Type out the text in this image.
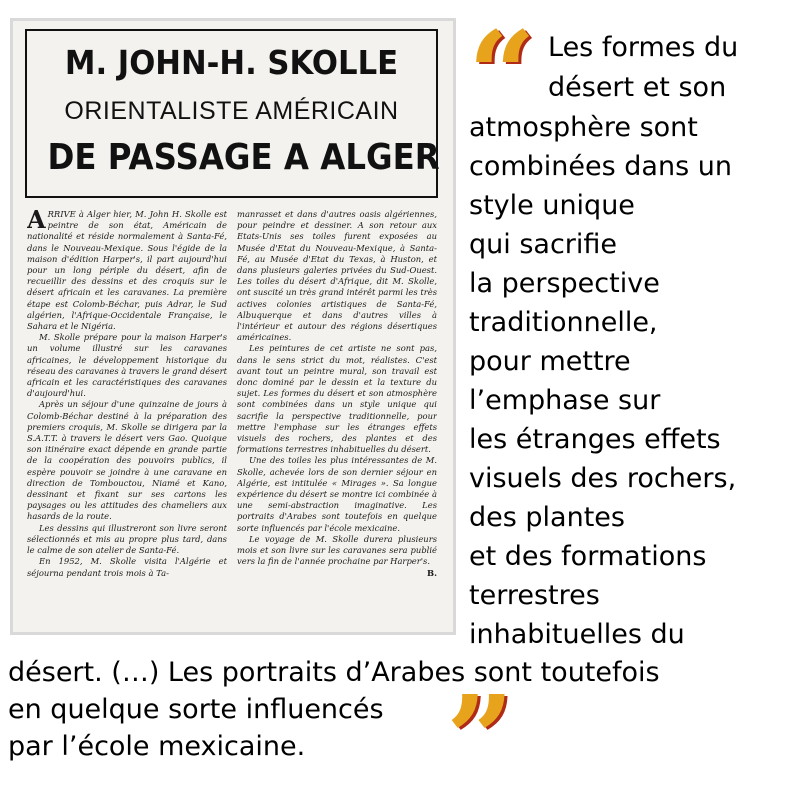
M. JOHN-H. SKOLLE
ORIENTALISTE AMÉRICAIN
DE PASSAGE A ALGER

ARRIVE à Alger hier, M. John H. Skolle est peintre de son état, Américain de nationalité et réside normalement à Santa-Fé, dans le Nouveau-Mexique. Sous l'égide de la maison d'édition Harper's, il part aujourd'hui pour un long périple du désert, afin de recueillir des dessins et des croquis sur le désert africain et les caravanes. La première étape est Colomb-Béchar, puis Adrar, le Sud algérien, l'Afrique-Occidentale Française, le Sahara et le Nigéria.

M. Skolle prépare pour la maison Harper's un volume illustré sur les caravanes africaines, le développement historique du réseau des caravanes à travers le grand désert africain et les caractéristiques des caravanes d'aujourd'hui.

Après un séjour d'une quinzaine de jours à Colomb-Béchar destiné à la préparation des premiers croquis, M. Skolle se dirigera par la S.A.T.T. à travers le désert vers Gao. Quoique son itinéraire exact dépende en grande partie de la coopération des pouvoirs publics, il espère pouvoir se joindre à une caravane en direction de Tombouctou, Niamé et Kano, dessinant et fixant sur ses cartons les paysages ou les attitudes des chameliers aux hasards de la route.

Les dessins qui illustreront son livre seront sélectionnés et mis au propre plus tard, dans le calme de son atelier de Santa-Fé.

En 1952, M. Skolle visita l'Algérie et séjourna pendant trois mois à Ta-

manrasset et dans d'autres oasis algériennes, pour peindre et dessiner. A son retour aux Etats-Unis ses toiles furent exposées au Musée d'Etat du Nouveau-Mexique, à Santa-Fé, au Musée d'Etat du Texas, à Huston, et dans plusieurs galeries privées du Sud-Ouest. Les toiles du désert d'Afrique, dit M. Skolle, ont suscité un très grand intérêt parmi les très actives colonies artistiques de Santa-Fé, Albuquerque et dans d'autres villes à l'intérieur et autour des régions désertiques américaines.

Les peintures de cet artiste ne sont pas, dans le sens strict du mot, réalistes. C'est avant tout un peintre mural, son travail est donc dominé par le dessin et la texture du sujet. Les formes du désert et son atmosphère sont combinées dans un style unique qui sacrifie la perspective traditionnelle, pour mettre l'emphase sur les étranges effets visuels des rochers, des plantes et des formations terrestres inhabituelles du désert.

Une des toiles les plus intéressantes de M. Skolle, achevée lors de son dernier séjour en Algérie, est intitulée « Mirages ». Sa longue expérience du désert se montre ici combinée à une semi-abstraction imaginative. Les portraits d'Arabes sont toutefois en quelque sorte influencés par l'école mexicaine.

Le voyage de M. Skolle durera plusieurs mois et son livre sur les caravanes sera publié vers la fin de l'année prochaine par Harper's.

B.

“
”
Les formes du
désert et son
atmosphère sont
combinées dans un
style unique
qui sacrifie
la perspective
traditionnelle,
pour mettre
l’emphase sur
les étranges effets
visuels des rochers,
des plantes
et des formations
terrestres
inhabituelles du
désert. (…) Les portraits d’Arabes sont toutefois
en quelque sorte influencés
par l’école mexicaine.
